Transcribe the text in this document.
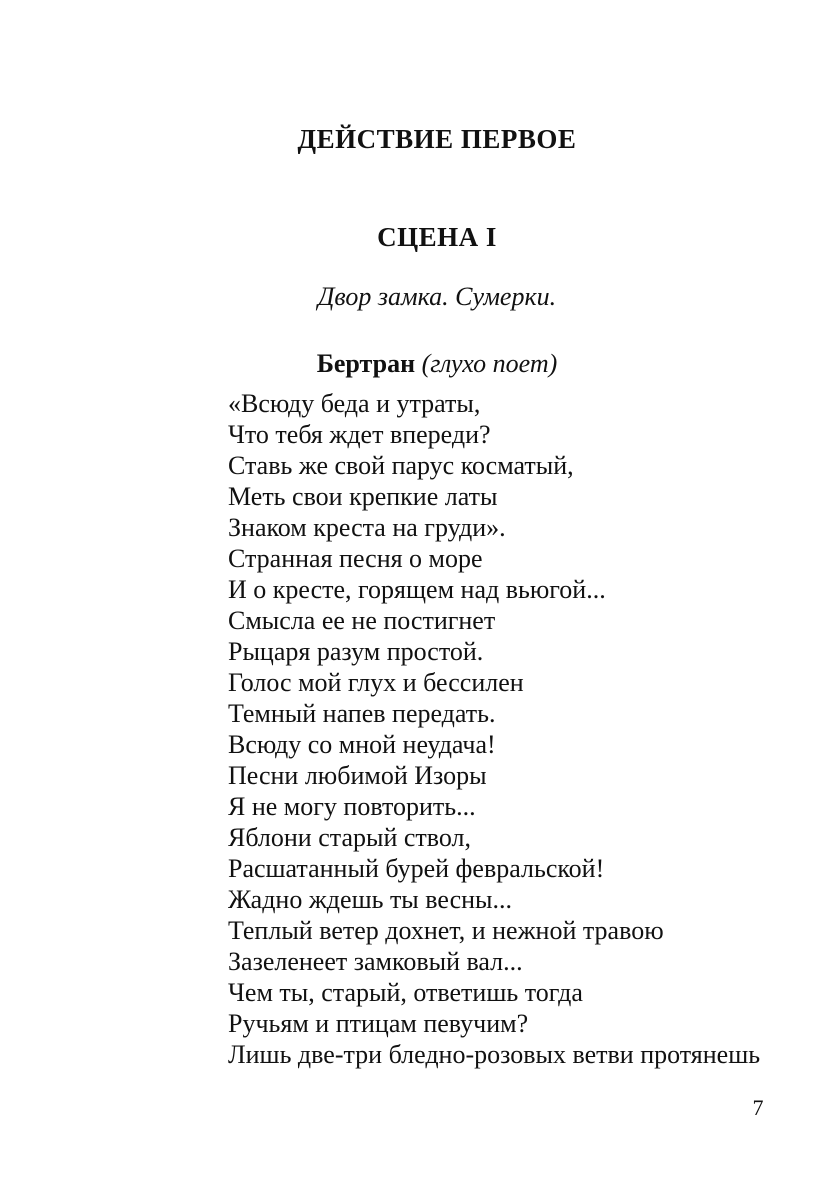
ДЕЙСТВИЕ ПЕРВОЕ
СЦЕНА I
Двор замка. Сумерки.
Бертран (глухо поет)
«Всюду беда и утраты,
Что тебя ждет впереди?
Ставь же свой парус косматый,
Меть свои крепкие латы
Знаком креста на груди».
Странная песня о море
И о кресте, горящем над вьюгой...
Смысла ее не постигнет
Рыцаря разум простой.
Голос мой глух и бессилен
Темный напев передать.
Всюду со мной неудача!
Песни любимой Изоры
Я не могу повторить...
Яблони старый ствол,
Расшатанный бурей февральской!
Жадно ждешь ты весны...
Теплый ветер дохнет, и нежной травою
Зазеленеет замковый вал...
Чем ты, старый, ответишь тогда
Ручьям и птицам певучим?
Лишь две-три бледно-розовых ветви протянешь
7
